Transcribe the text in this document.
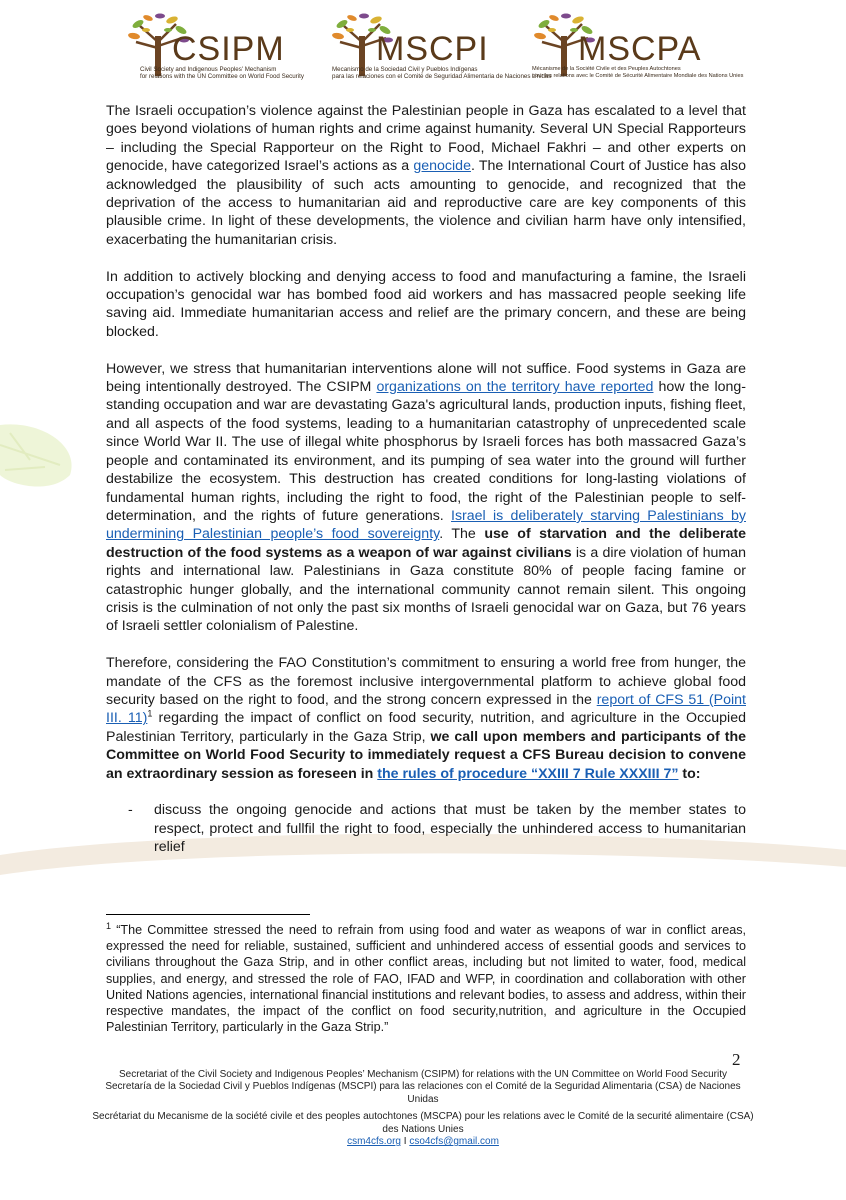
CSIPM
Civil Society and Indigenous Peoples' Mechanism
for relations with the UN Committee on World Food Security
MSCPI
Mecanismo de la Sociedad Civil y Pueblos Indígenas
para las relaciones con el Comité de Seguridad Alimentaria de Naciones Unidas
MSCPA
Mécanisme de la Société Civile et des Peuples Autochtones
pour les relations avec le Comité de Sécurité Alimentaire Mondiale des Nations Unies

The Israeli occupation’s violence against the Palestinian people in Gaza has escalated to a level that goes beyond violations of human rights and crime against humanity. Several UN Special Rapporteurs – including the Special Rapporteur on the Right to Food, Michael Fakhri – and other experts on genocide, have categorized Israel’s actions as a genocide. The International Court of Justice has also acknowledged the plausibility of such acts amounting to genocide, and recognized that the deprivation of the access to humanitarian aid and reproductive care are key components of this plausible crime. In light of these developments, the violence and civilian harm have only intensified, exacerbating the humanitarian crisis.

In addition to actively blocking and denying access to food and manufacturing a famine, the Israeli occupation’s genocidal war has bombed food aid workers and has massacred people seeking life saving aid. Immediate humanitarian access and relief are the primary concern, and these are being blocked.

However, we stress that humanitarian interventions alone will not suffice. Food systems in Gaza are being intentionally destroyed. The CSIPM organizations on the territory have reported how the long-standing occupation and war are devastating Gaza's agricultural lands, production inputs, fishing fleet, and all aspects of the food systems, leading to a humanitarian catastrophy of unprecedented scale since World War II. The use of illegal white phosphorus by Israeli forces has both massacred Gaza’s people and contaminated its environment, and its pumping of sea water into the ground will further destabilize the ecosystem. This destruction has created conditions for long-lasting violations of fundamental human rights, including the right to food, the right of the Palestinian people to self-determination, and the rights of future generations. Israel is deliberately starving Palestinians by undermining Palestinian people’s food sovereignty. The use of starvation and the deliberate destruction of the food systems as a weapon of war against civilians is a dire violation of human rights and international law. Palestinians in Gaza constitute 80% of people facing famine or catastrophic hunger globally, and the international community cannot remain silent. This ongoing crisis is the culmination of not only the past six months of Israeli genocidal war on Gaza, but 76 years of Israeli settler colonialism of Palestine.

Therefore, considering the FAO Constitution’s commitment to ensuring a world free from hunger, the mandate of the CFS as the foremost inclusive intergovernmental platform to achieve global food security based on the right to food, and the strong concern expressed in the report of CFS 51 (Point III. 11)$^1$ regarding the impact of conflict on food security, nutrition, and agriculture in the Occupied Palestinian Territory, particularly in the Gaza Strip, we call upon members and participants of the Committee on World Food Security to immediately request a CFS Bureau decision to convene an extraordinary session as foreseen in the rules of procedure “XXIII 7 Rule XXXIII 7” to:

- discuss the ongoing genocide and actions that must be taken by the member states to respect, protect and fullfil the right to food, especially the unhindered access to humanitarian relief
$^1$ “The Committee stressed the need to refrain from using food and water as weapons of war in conflict areas, expressed the need for reliable, sustained, sufficient and unhindered access of essential goods and services to civilians throughout the Gaza Strip, and in other conflict areas, including but not limited to water, food, medical supplies, and energy, and stressed the role of FAO, IFAD and WFP, in coordination and collaboration with other United Nations agencies, international financial institutions and relevant bodies, to assess and address, within their respective mandates, the impact of the conflict on food security,nutrition, and agriculture in the Occupied Palestinian Territory, particularly in the Gaza Strip.”
2
Secretariat of the Civil Society and Indigenous Peoples’ Mechanism (CSIPM) for relations with the UN Committee on World Food Security
Secretaría de la Sociedad Civil y Pueblos Indígenas (MSCPI) para las relaciones con el Comité de la Seguridad Alimentaria (CSA) de Naciones Unidas
Secrétariat du Mecanisme de la société civile et des peoples autochtones (MSCPA) pour les relations avec le Comité de la securité alimentaire (CSA) des Nations Unies
csm4cfs.org I cso4cfs@gmail.com
